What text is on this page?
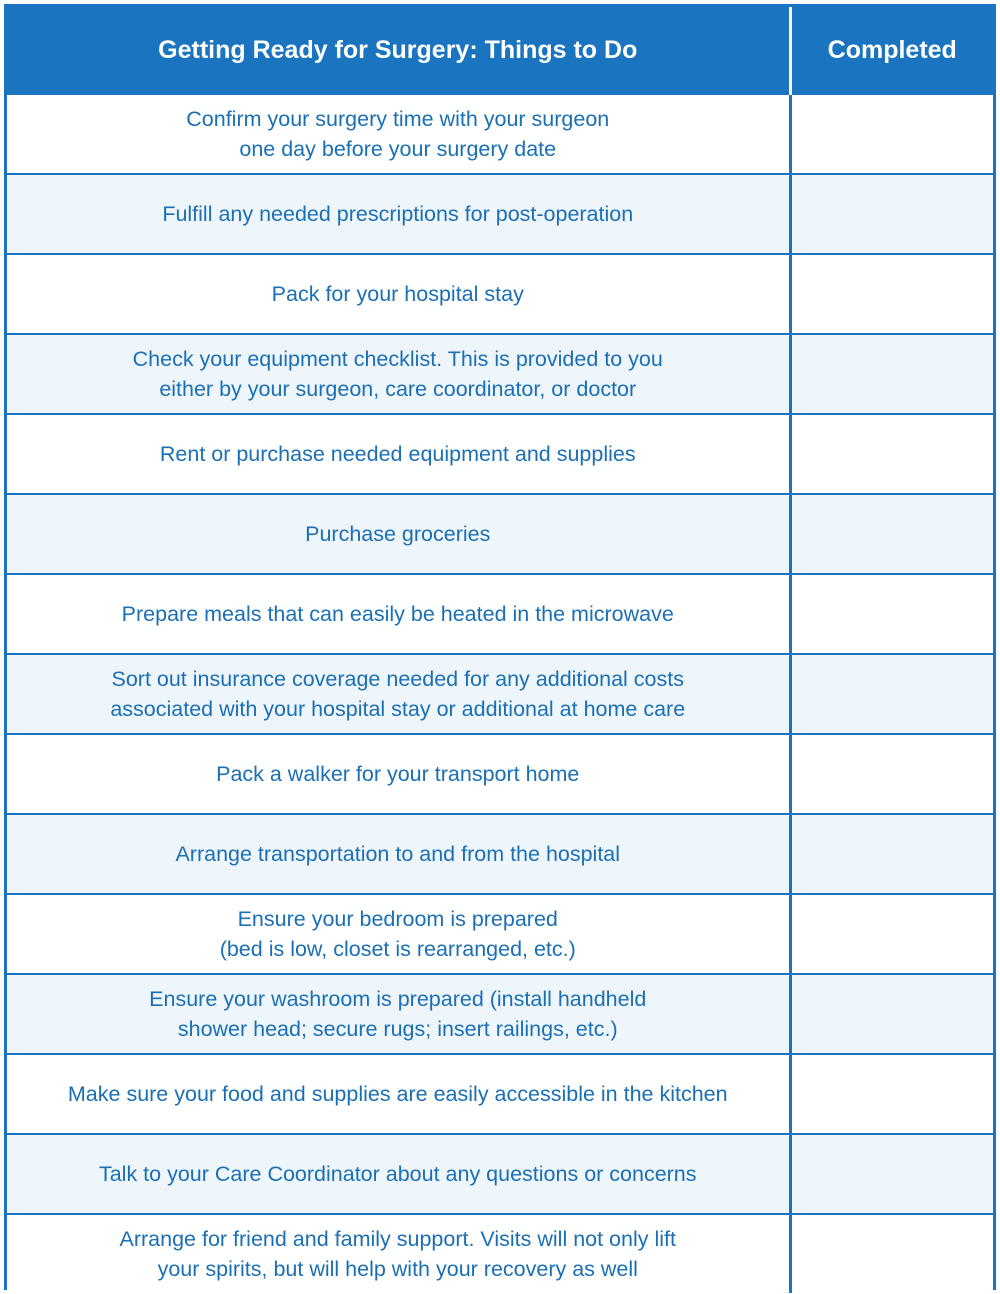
Getting Ready for Surgery: Things to Do	Completed
Confirm your surgery time with your surgeon
one day before your surgery date	
Fulfill any needed prescriptions for post-operation	
Pack for your hospital stay	
Check your equipment checklist. This is provided to you
either by your surgeon, care coordinator, or doctor	
Rent or purchase needed equipment and supplies	
Purchase groceries	
Prepare meals that can easily be heated in the microwave	
Sort out insurance coverage needed for any additional costs
associated with your hospital stay or additional at home care	
Pack a walker for your transport home	
Arrange transportation to and from the hospital	
Ensure your bedroom is prepared
(bed is low, closet is rearranged, etc.)	
Ensure your washroom is prepared (install handheld
shower head; secure rugs; insert railings, etc.)	
Make sure your food and supplies are easily accessible in the kitchen	
Talk to your Care Coordinator about any questions or concerns	
Arrange for friend and family support. Visits will not only lift
your spirits, but will help with your recovery as well	
